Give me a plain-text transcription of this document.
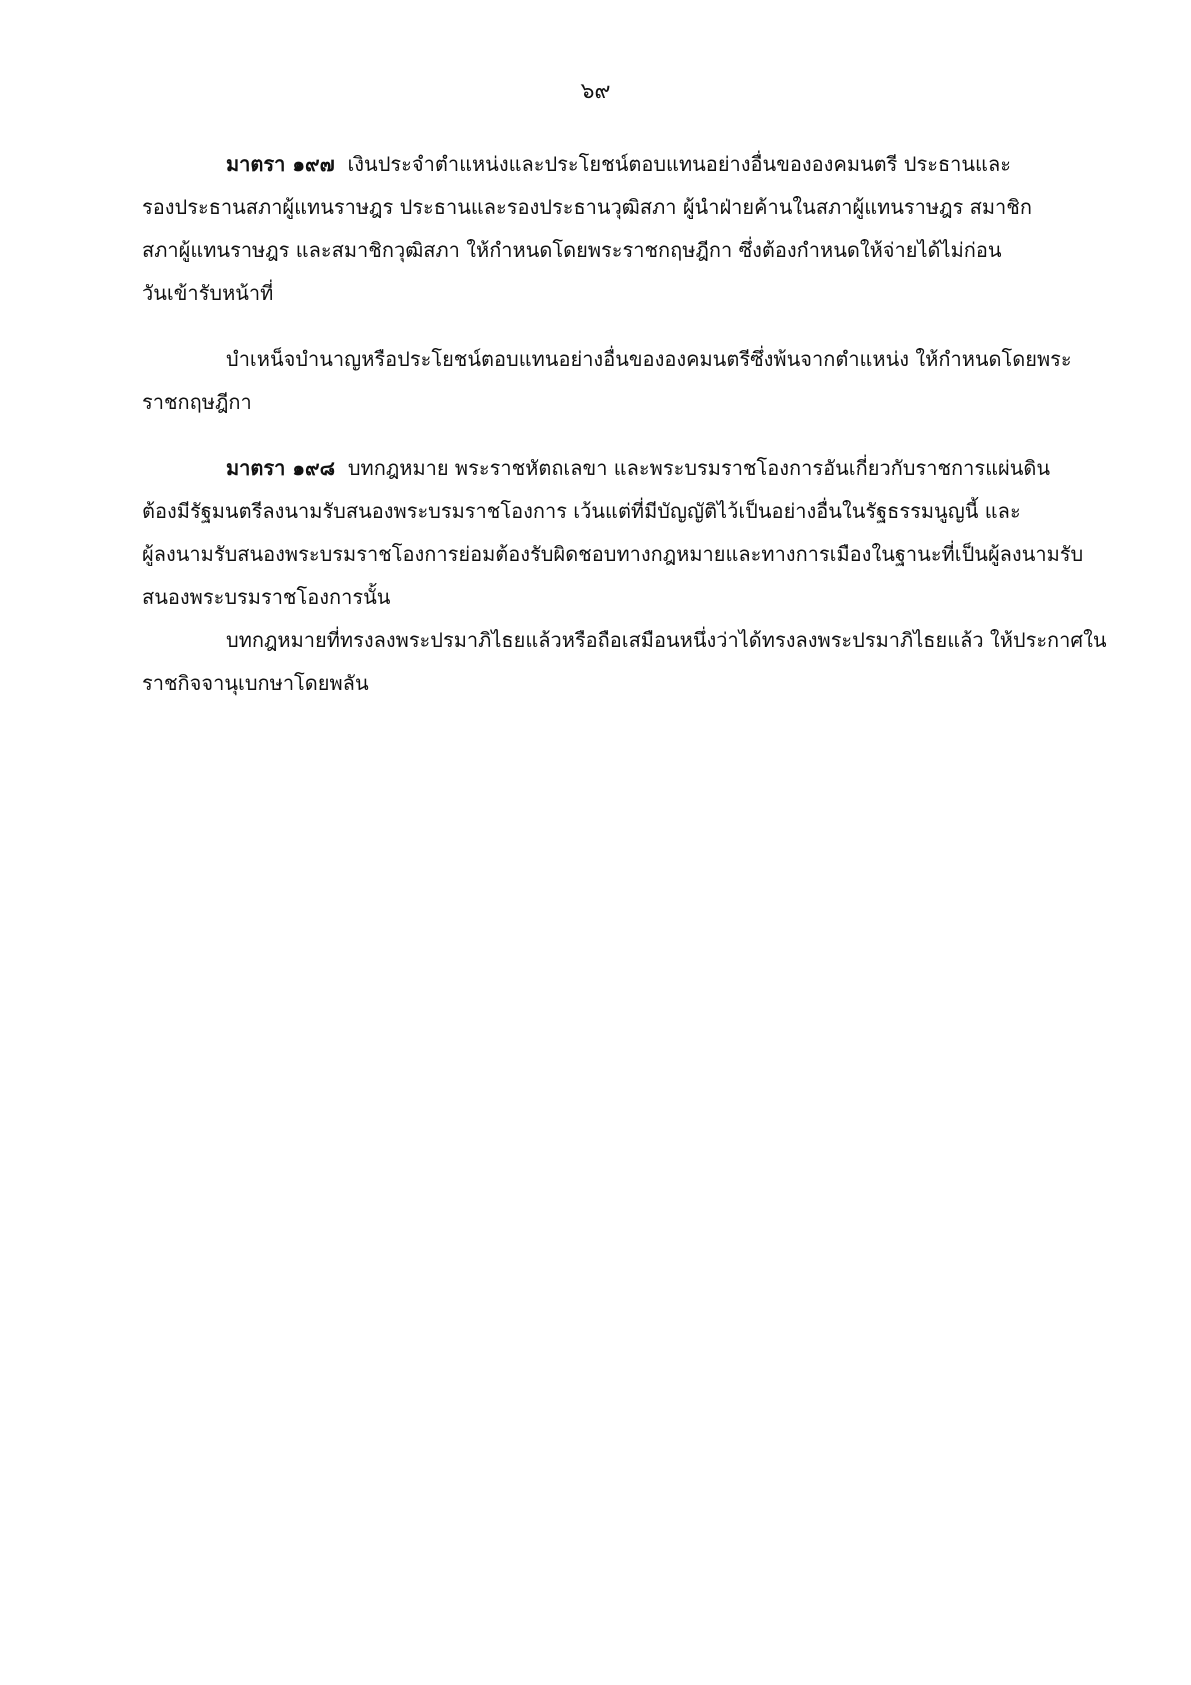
๖๙
มาตรา ๑๙๗ เงินประจำตำแหน่งและประโยชน์ตอบแทนอย่างอื่นขององคมนตรี ประธานและ
รองประธานสภาผู้แทนราษฎร ประธานและรองประธานวุฒิสภา ผู้นำฝ่ายค้านในสภาผู้แทนราษฎร สมาชิก
สภาผู้แทนราษฎร และสมาชิกวุฒิสภา ให้กำหนดโดยพระราชกฤษฎีกา ซึ่งต้องกำหนดให้จ่ายได้ไม่ก่อน
วันเข้ารับหน้าที่
บำเหน็จบำนาญหรือประโยชน์ตอบแทนอย่างอื่นขององคมนตรีซึ่งพ้นจากตำแหน่ง ให้กำหนดโดยพระ
ราชกฤษฎีกา
มาตรา ๑๙๘ บทกฎหมาย พระราชหัตถเลขา และพระบรมราชโองการอันเกี่ยวกับราชการแผ่นดิน
ต้องมีรัฐมนตรีลงนามรับสนองพระบรมราชโองการ เว้นแต่ที่มีบัญญัติไว้เป็นอย่างอื่นในรัฐธรรมนูญนี้ และ
ผู้ลงนามรับสนองพระบรมราชโองการย่อมต้องรับผิดชอบทางกฎหมายและทางการเมืองในฐานะที่เป็นผู้ลงนามรับ
สนองพระบรมราชโองการนั้น
บทกฎหมายที่ทรงลงพระปรมาภิไธยแล้วหรือถือเสมือนหนึ่งว่าได้ทรงลงพระปรมาภิไธยแล้ว ให้ประกาศใน
ราชกิจจานุเบกษาโดยพลัน
